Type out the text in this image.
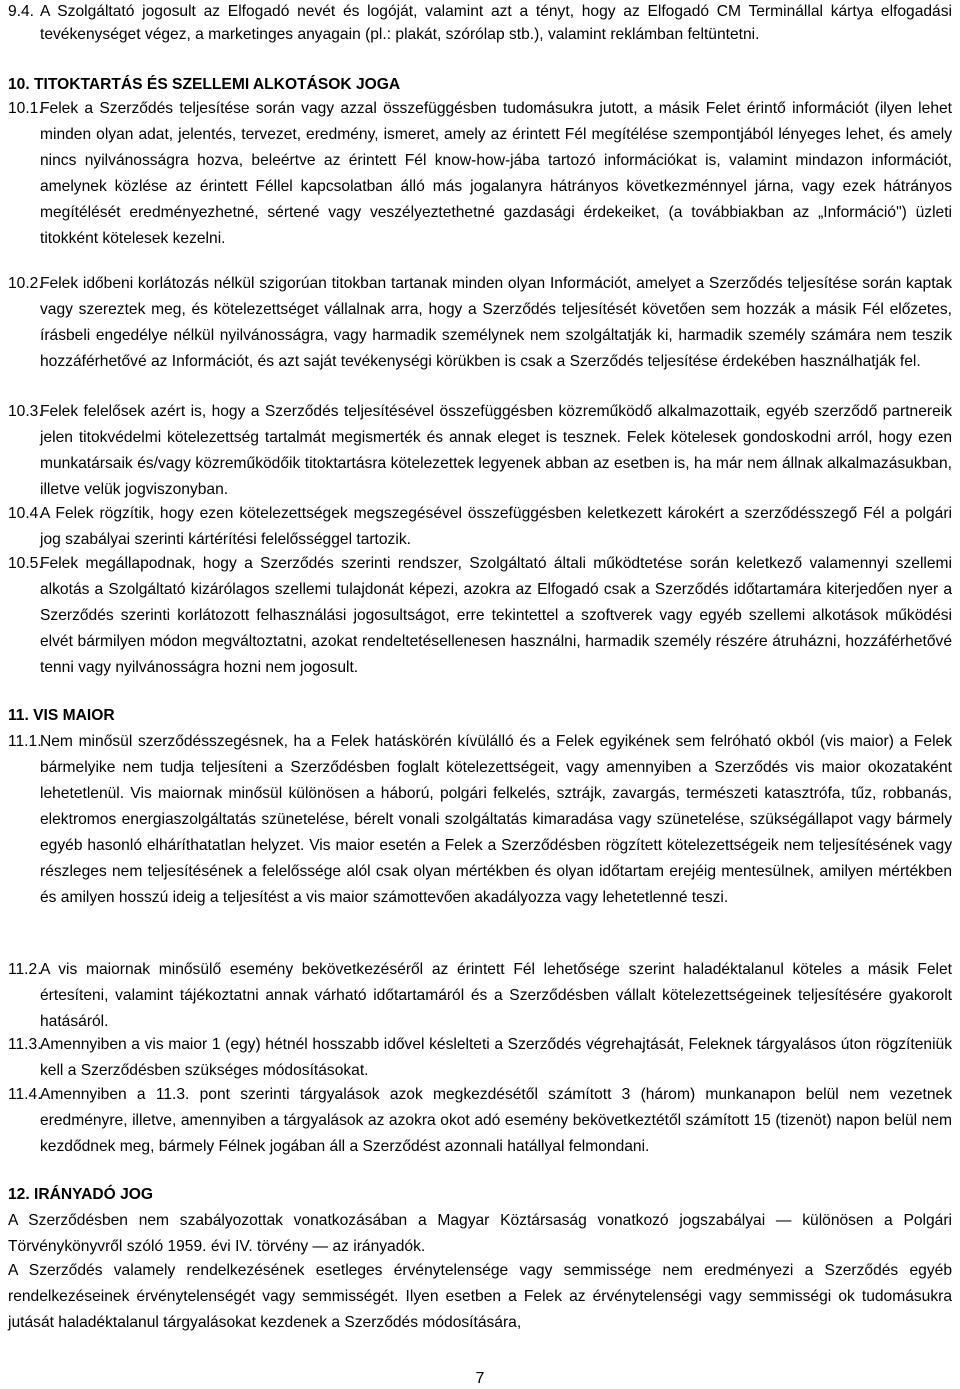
9.4. A Szolgáltató jogosult az Elfogadó nevét és logóját, valamint azt a tényt, hogy az Elfogadó CM Terminállal kártya elfogadási tevékenységet végez, a marketinges anyagain (pl.: plakát, szórólap stb.), valamint reklámban feltüntetni.
10. TITOKTARTÁS ÉS SZELLEMI ALKOTÁSOK JOGA
10.1.
Felek a Szerződés teljesítése során vagy azzal összefüggésben tudomásukra jutott, a másik Felet érintő információt (ilyen lehet minden olyan adat, jelentés, tervezet, eredmény, ismeret, amely az érintett Fél megítélése szempontjából lényeges lehet, és amely nincs nyilvánosságra hozva, beleértve az érintett Fél know-how-jába tartozó információkat is, valamint mindazon információt, amelynek közlése az érintett Féllel kapcsolatban álló más jogalanyra hátrányos következménnyel járna, vagy ezek hátrányos megítélését eredményezhetné, sértené vagy veszélyeztethetné gazdasági érdekeiket, (a továbbiakban az „Információ") üzleti titokként kötelesek kezelni.
10.2.
Felek időbeni korlátozás nélkül szigorúan titokban tartanak minden olyan Információt, amelyet a Szerződés teljesítése során kaptak vagy szereztek meg, és kötelezettséget vállalnak arra, hogy a Szerződés teljesítését követően sem hozzák a másik Fél előzetes, írásbeli engedélye nélkül nyilvánosságra, vagy harmadik személynek nem szolgáltatják ki, harmadik személy számára nem teszik hozzáférhetővé az Információt, és azt saját tevékenységi körükben is csak a Szerződés teljesítése érdekében használhatják fel.
10.3.
Felek felelősek azért is, hogy a Szerződés teljesítésével összefüggésben közreműködő alkalmazottaik, egyéb szerződő partnereik jelen titokvédelmi kötelezettség tartalmát megismerték és annak eleget is tesznek. Felek kötelesek gondoskodni arról, hogy ezen munkatársaik és/vagy közreműködőik titoktartásra kötelezettek legyenek abban az esetben is, ha már nem állnak alkalmazásukban, illetve velük jogviszonyban.
10.4.
A Felek rögzítik, hogy ezen kötelezettségek megszegésével összefüggésben keletkezett károkért a szerződésszegő Fél a polgári jog szabályai szerinti kártérítési felelősséggel tartozik.
10.5.
Felek megállapodnak, hogy a Szerződés szerinti rendszer, Szolgáltató általi működtetése során keletkező valamennyi szellemi alkotás a Szolgáltató kizárólagos szellemi tulajdonát képezi, azokra az Elfogadó csak a Szerződés időtartamára kiterjedően nyer a Szerződés szerinti korlátozott felhasználási jogosultságot, erre tekintettel a szoftverek vagy egyéb szellemi alkotások működési elvét bármilyen módon megváltoztatni, azokat rendeltetésellenesen használni, harmadik személy részére átruházni, hozzáférhetővé tenni vagy nyilvánosságra hozni nem jogosult.
11. VIS MAIOR
11.1.
Nem minősül szerződésszegésnek, ha a Felek hatáskörén kívülálló és a Felek egyikének sem felróható okból (vis maior) a Felek bármelyike nem tudja teljesíteni a Szerződésben foglalt kötelezettségeit, vagy amennyiben a Szerződés vis maior okozataként lehetetlenül. Vis maiornak minősül különösen a háború, polgári felkelés, sztrájk, zavargás, természeti katasztrófa, tűz, robbanás, elektromos energiaszolgáltatás szünetelése, bérelt vonali szolgáltatás kimaradása vagy szünetelése, szükségállapot vagy bármely egyéb hasonló elháríthatatlan helyzet. Vis maior esetén a Felek a Szerződésben rögzített kötelezettségeik nem teljesítésének vagy részleges nem teljesítésének a felelőssége alól csak olyan mértékben és olyan időtartam erejéig mentesülnek, amilyen mértékben és amilyen hosszú ideig a teljesítést a vis maior számottevően akadályozza vagy lehetetlenné teszi.
11.2.
A vis maiornak minősülő esemény bekövetkezéséről az érintett Fél lehetősége szerint haladéktalanul köteles a másik Felet értesíteni, valamint tájékoztatni annak várható időtartamáról és a Szerződésben vállalt kötelezettségeinek teljesítésére gyakorolt hatásáról.
11.3.
Amennyiben a vis maior 1 (egy) hétnél hosszabb idővel késlelteti a Szerződés végrehajtását, Feleknek tárgyalásos úton rögzíteniük kell a Szerződésben szükséges módosításokat.
11.4.
Amennyiben a 11.3. pont szerinti tárgyalások azok megkezdésétől számított 3 (három) munkanapon belül nem vezetnek eredményre, illetve, amennyiben a tárgyalások az azokra okot adó esemény bekövetkeztétől számított 15 (tizenöt) napon belül nem kezdődnek meg, bármely Félnek jogában áll a Szerződést azonnali hatállyal felmondani.
12. IRÁNYADÓ JOG
A Szerződésben nem szabályozottak vonatkozásában a Magyar Köztársaság vonatkozó jogszabályai — különösen a Polgári Törvénykönyvről szóló 1959. évi IV. törvény — az irányadók.
A Szerződés valamely rendelkezésének esetleges érvénytelensége vagy semmissége nem eredményezi a Szerződés egyéb rendelkezéseinek érvénytelenségét vagy semmisségét. Ilyen esetben a Felek az érvénytelenségi vagy semmisségi ok tudomásukra jutását haladéktalanul tárgyalásokat kezdenek a Szerződés módosítására,
7
